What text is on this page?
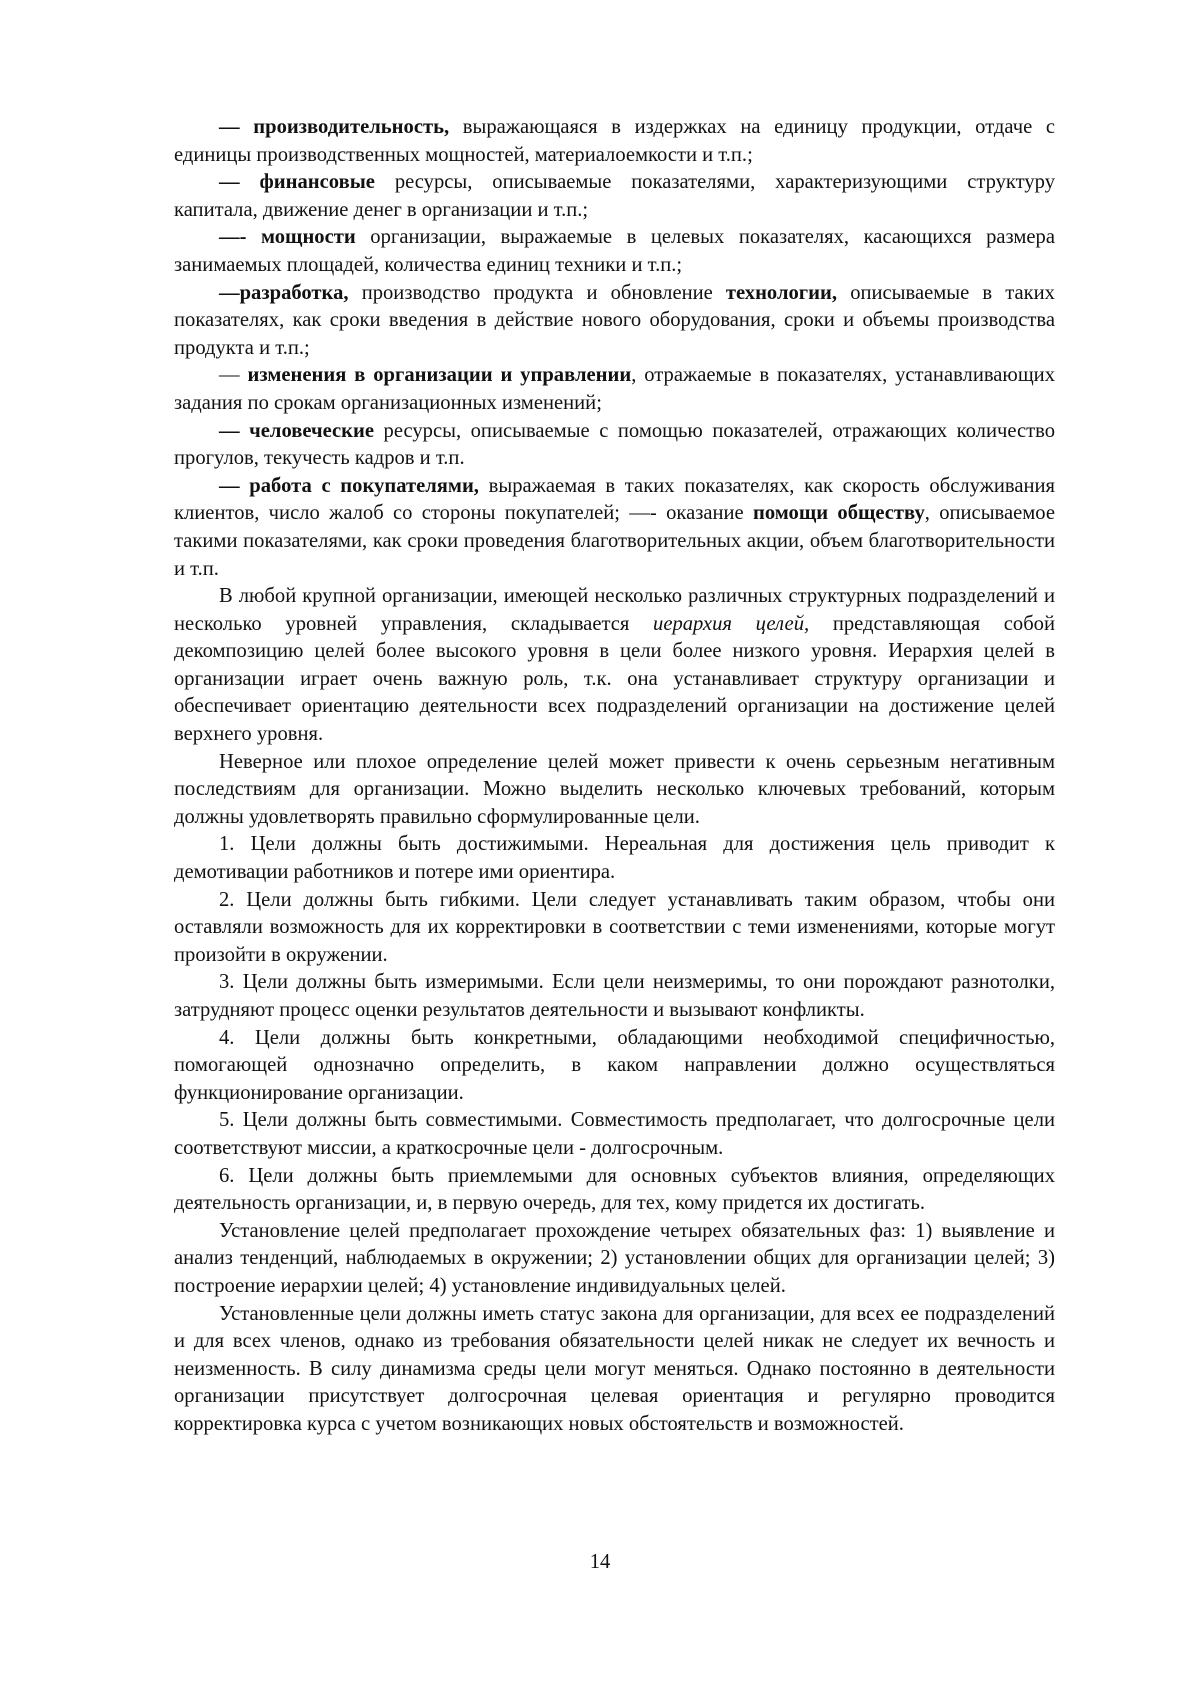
— производительность, выражающаяся в издержках на единицу продукции, отдаче с единицы производственных мощностей, материалоемкости и т.п.;

— финансовые ресурсы, описываемые показателями, характеризующими структуру капитала, движение денег в организации и т.п.;

—- мощности организации, выражаемые в целевых показателях, касающихся размера занимаемых площадей, количества единиц техники и т.п.;

—разработка, производство продукта и обновление технологии, описываемые в таких показателях, как сроки введения в действие нового оборудования, сроки и объемы производства продукта и т.п.;

— изменения в организации и управлении, отражаемые в показателях, устанавливающих задания по срокам организационных изменений;

— человеческие ресурсы, описываемые с помощью показателей, отражающих количество прогулов, текучесть кадров и т.п.

— работа с покупателями, выражаемая в таких показателях, как скорость обслуживания клиентов, число жалоб со стороны покупателей; —- оказание помощи обществу, описываемое такими показателями, как сроки проведения благотворительных акции, объем благотворительности и т.п.

В любой крупной организации, имеющей несколько различных структурных подразделений и несколько уровней управления, складывается иерархия целей, представляющая собой декомпозицию целей более высокого уровня в цели более низкого уровня. Иерархия целей в организации играет очень важную роль, т.к. она устанавливает структуру организации и обеспечивает ориентацию деятельности всех подразделений организации на достижение целей верхнего уровня.

Неверное или плохое определение целей может привести к очень серьезным негативным последствиям для организации. Можно выделить несколько ключевых требований, которым должны удовлетворять правильно сформулированные цели.

1. Цели должны быть достижимыми. Нереальная для достижения цель приводит к демотивации работников и потере ими ориентира.

2. Цели должны быть гибкими. Цели следует устанавливать таким образом, чтобы они оставляли возможность для их корректировки в соответствии с теми изменениями, которые могут произойти в окружении.

3. Цели должны быть измеримыми. Если цели неизмеримы, то они порождают разнотолки, затрудняют процесс оценки результатов деятельности и вызывают конфликты.

4. Цели должны быть конкретными, обладающими необходимой специфичностью, помогающей однозначно определить, в каком направлении должно осуществляться функционирование организации.

5. Цели должны быть совместимыми. Совместимость предполагает, что долгосрочные цели соответствуют миссии, а краткосрочные цели - долгосрочным.

6. Цели должны быть приемлемыми для основных субъектов влияния, определяющих деятельность организации, и, в первую очередь, для тех, кому придется их достигать.

Установление целей предполагает прохождение четырех обязательных фаз: 1) выявление и анализ тенденций, наблюдаемых в окружении; 2) установлении общих для организации целей; 3) построение иерархии целей; 4) установление индивидуальных целей.

Установленные цели должны иметь статус закона для организации, для всех ее подразделений и для всех членов, однако из требования обязательности целей никак не следует их вечность и неизменность. В силу динамизма среды цели могут меняться. Однако постоянно в деятельности организации присутствует долгосрочная целевая ориентация и регулярно проводится корректировка курса с учетом возникающих новых обстоятельств и возможностей.

14
